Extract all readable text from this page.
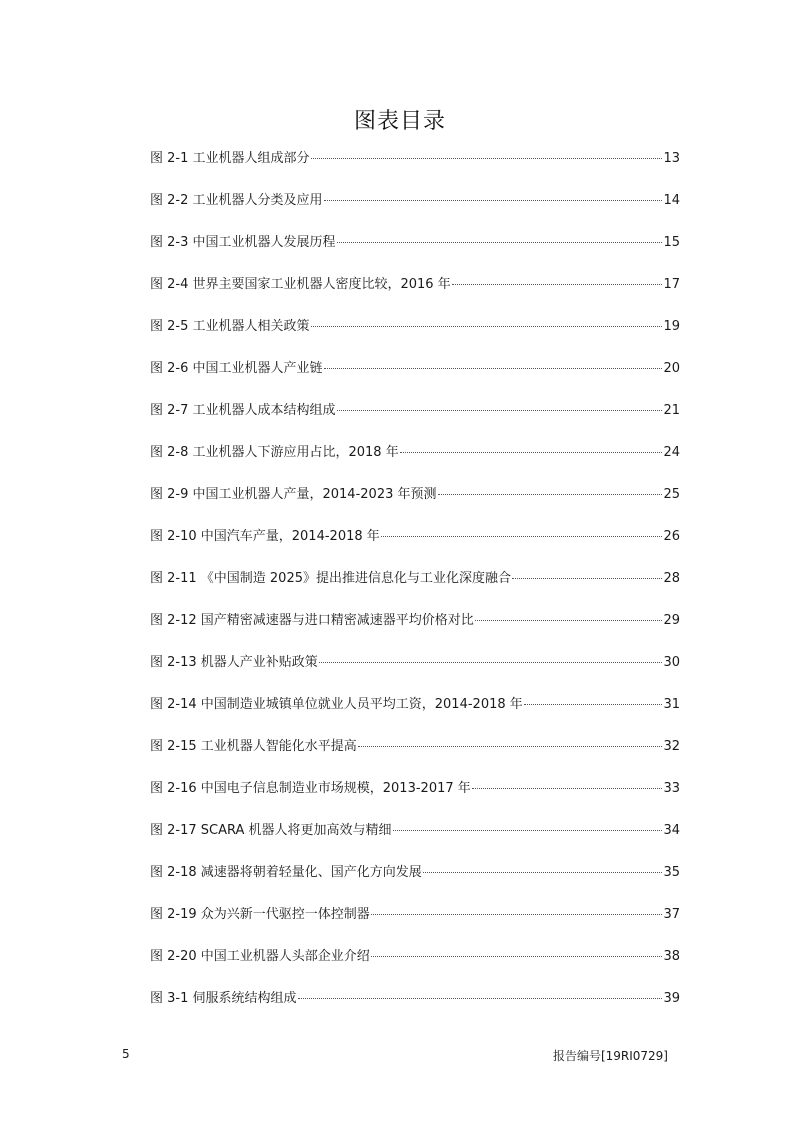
图表目录
图 2-1 工业机器人组成部分	13
图 2-2 工业机器人分类及应用	14
图 2-3 中国工业机器人发展历程	15
图 2-4 世界主要国家工业机器人密度比较，2016 年	17
图 2-5 工业机器人相关政策	19
图 2-6 中国工业机器人产业链	20
图 2-7 工业机器人成本结构组成	21
图 2-8 工业机器人下游应用占比，2018 年	24
图 2-9 中国工业机器人产量，2014-2023 年预测	25
图 2-10 中国汽车产量，2014-2018 年	26
图 2-11 《中国制造 2025》提出推进信息化与工业化深度融合	28
图 2-12 国产精密减速器与进口精密减速器平均价格对比	29
图 2-13 机器人产业补贴政策	30
图 2-14 中国制造业城镇单位就业人员平均工资，2014-2018 年	31
图 2-15 工业机器人智能化水平提高	32
图 2-16 中国电子信息制造业市场规模，2013-2017 年	33
图 2-17 SCARA 机器人将更加高效与精细	34
图 2-18 减速器将朝着轻量化、国产化方向发展	35
图 2-19 众为兴新一代驱控一体控制器	37
图 2-20 中国工业机器人头部企业介绍	38
图 3-1 伺服系统结构组成	39
5	报告编号[19RI0729]
